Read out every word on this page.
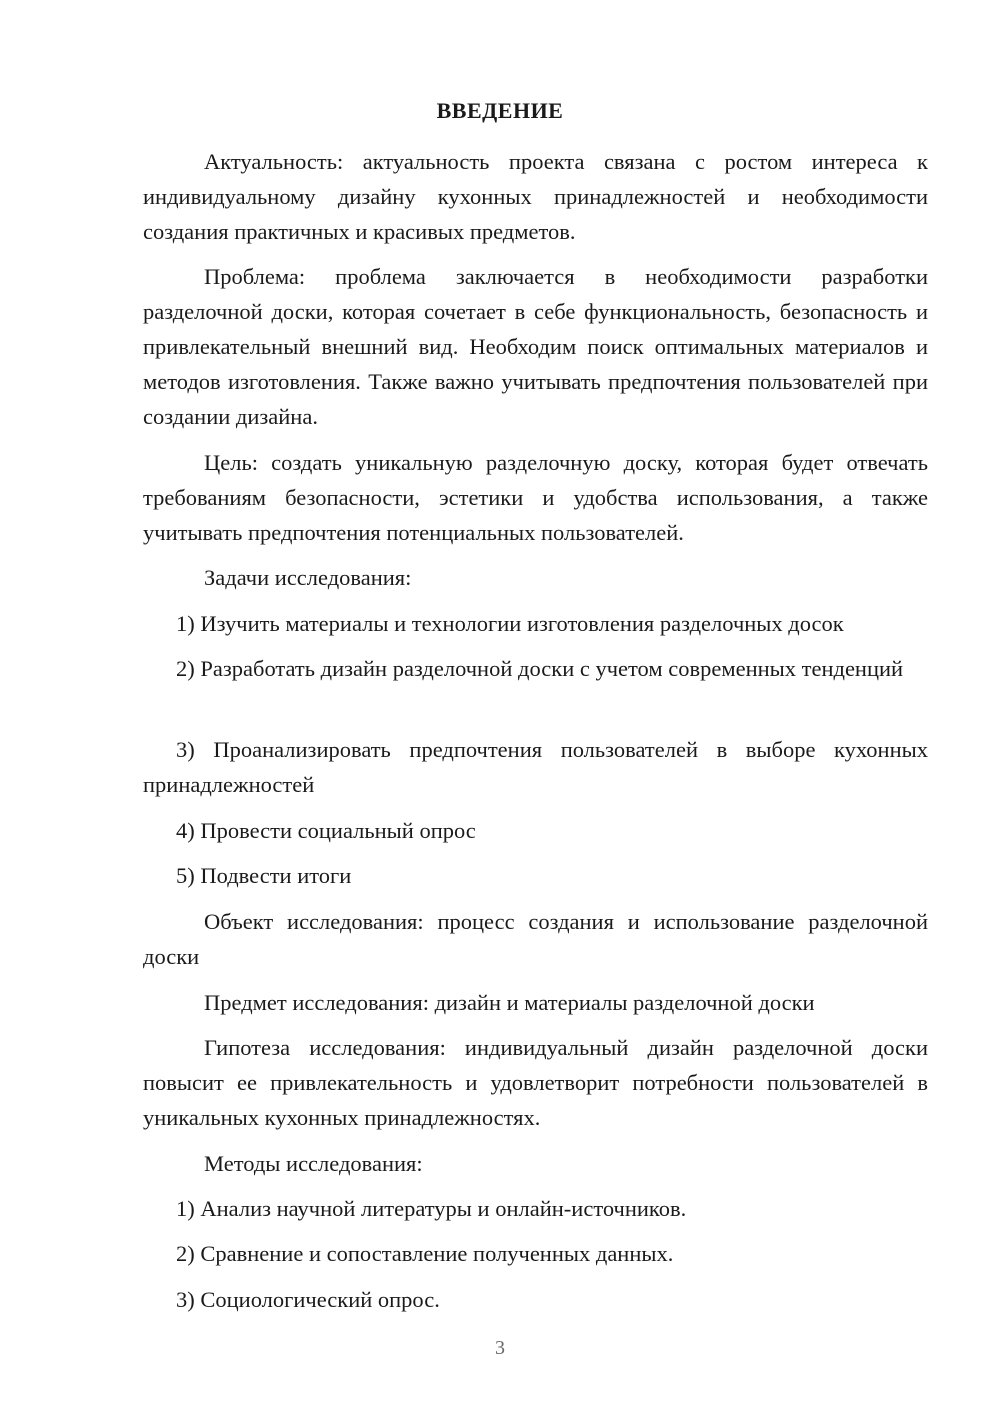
ВВЕДЕНИЕ

Актуальность: актуальность проекта связана с ростом интереса к индивидуальному дизайну кухонных принадлежностей и необходимости создания практичных и красивых предметов.

Проблема: проблема заключается в необходимости разработки разделочной доски, которая сочетает в себе функциональность, безопасность и привлекательный внешний вид. Необходим поиск оптимальных материалов и методов изготовления. Также важно учитывать предпочтения пользователей при создании дизайна.

Цель: создать уникальную разделочную доску, которая будет отвечать требованиям безопасности, эстетики и удобства использования, а также учитывать предпочтения потенциальных пользователей.

Задачи исследования:

1) Изучить материалы и технологии изготовления разделочных досок

2) Разработать дизайн разделочной доски с учетом современных тенденций

3) Проанализировать предпочтения пользователей в выборе кухонных принадлежностей

4) Провести социальный опрос

5) Подвести итоги

Объект исследования: процесс создания и использование разделочной доски

Предмет исследования: дизайн и материалы разделочной доски

Гипотеза исследования: индивидуальный дизайн разделочной доски повысит ее привлекательность и удовлетворит потребности пользователей в уникальных кухонных принадлежностях.

Методы исследования:

1) Анализ научной литературы и онлайн-источников.

2) Сравнение и сопоставление полученных данных.

3) Социологический опрос.

3
